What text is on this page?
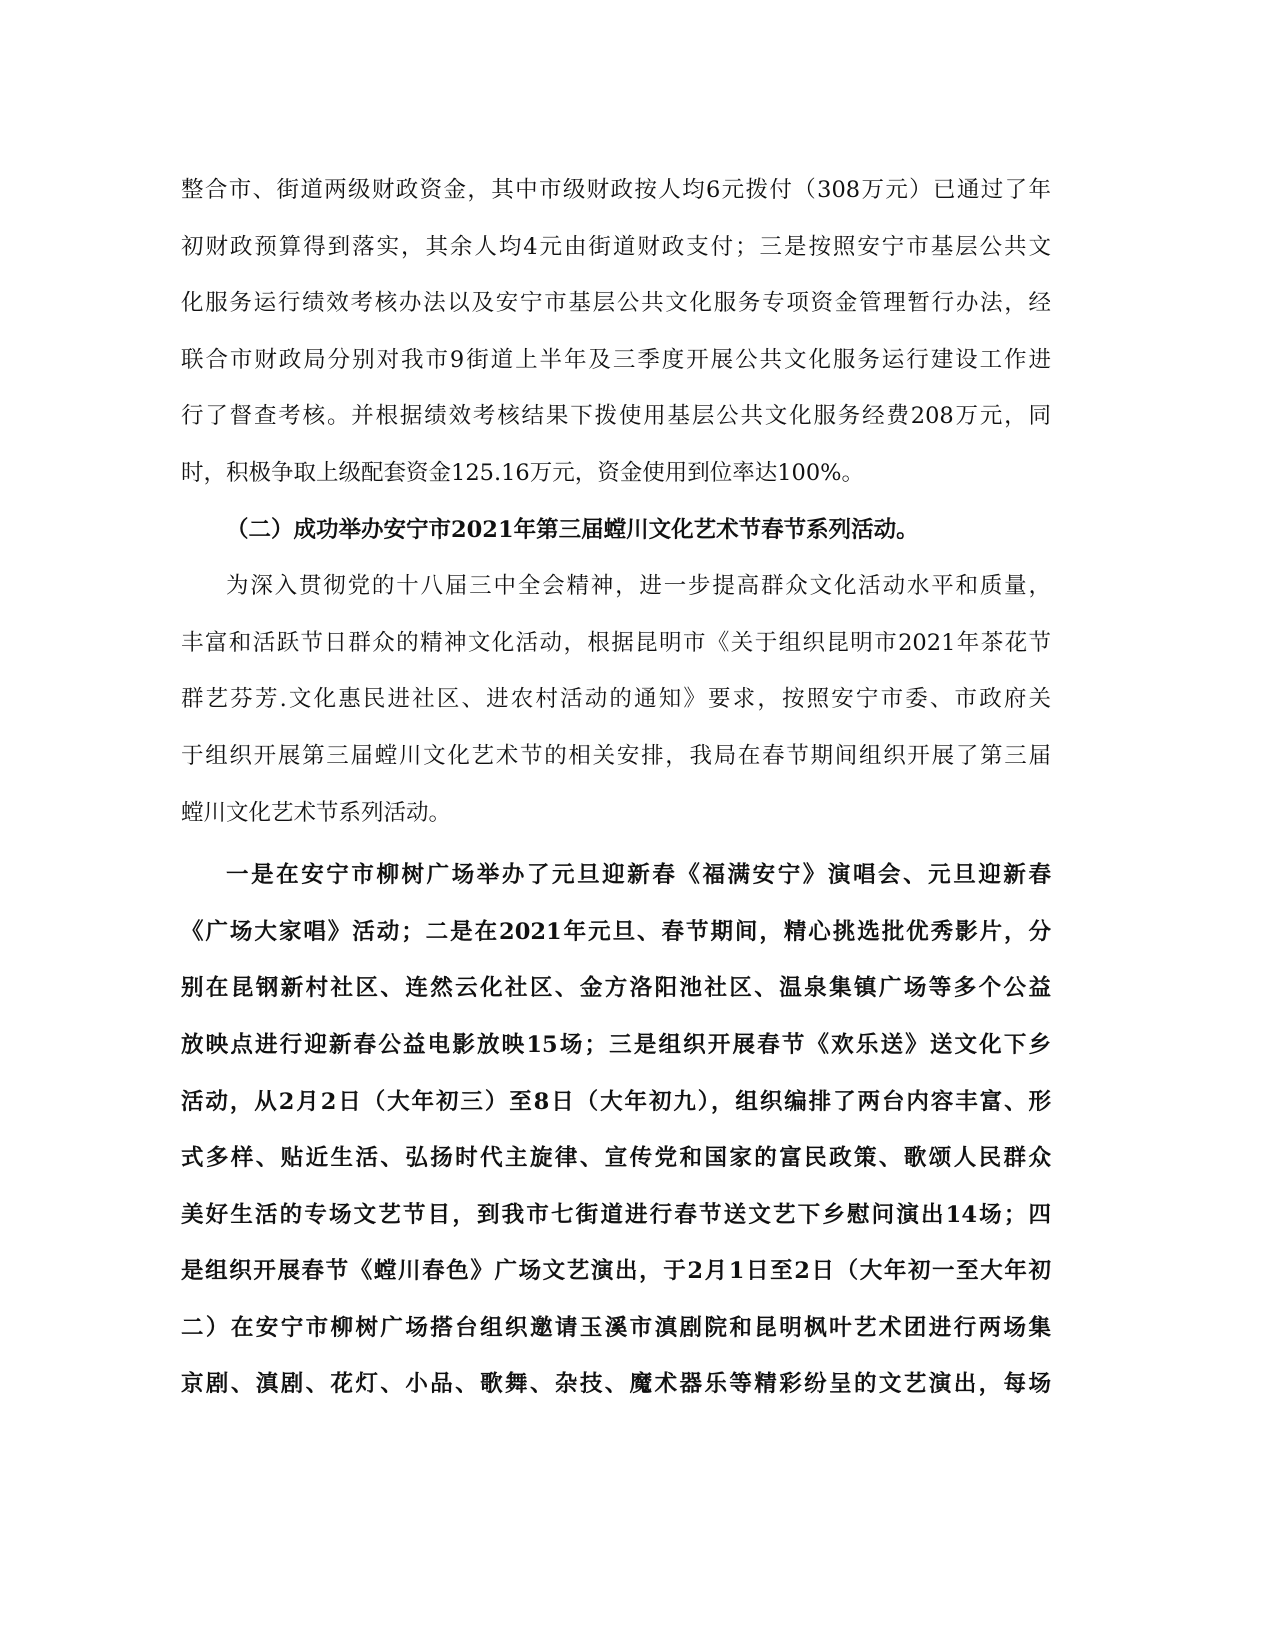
整合市、街道两级财政资金，其中市级财政按人均6元拨付（308万元）已通过了年
初财政预算得到落实，其余人均4元由街道财政支付；三是按照安宁市基层公共文
化服务运行绩效考核办法以及安宁市基层公共文化服务专项资金管理暂行办法，经
联合市财政局分别对我市9街道上半年及三季度开展公共文化服务运行建设工作进
行了督查考核。并根据绩效考核结果下拨使用基层公共文化服务经费208万元，同
时，积极争取上级配套资金125.16万元，资金使用到位率达100%。
（二）成功举办安宁市2021年第三届螳川文化艺术节春节系列活动。
为深入贯彻党的十八届三中全会精神，进一步提高群众文化活动水平和质量，
丰富和活跃节日群众的精神文化活动，根据昆明市《关于组织昆明市2021年茶花节
群艺芬芳.文化惠民进社区、进农村活动的通知》要求，按照安宁市委、市政府关
于组织开展第三届螳川文化艺术节的相关安排，我局在春节期间组织开展了第三届
螳川文化艺术节系列活动。
一是在安宁市柳树广场举办了元旦迎新春《福满安宁》演唱会、元旦迎新春
《广场大家唱》活动；二是在2021年元旦、春节期间，精心挑选批优秀影片，分
别在昆钢新村社区、连然云化社区、金方洛阳池社区、温泉集镇广场等多个公益
放映点进行迎新春公益电影放映15场；三是组织开展春节《欢乐送》送文化下乡
活动，从2月2日（大年初三）至8日（大年初九），组织编排了两台内容丰富、形
式多样、贴近生活、弘扬时代主旋律、宣传党和国家的富民政策、歌颂人民群众
美好生活的专场文艺节目，到我市七街道进行春节送文艺下乡慰问演出14场；四
是组织开展春节《螳川春色》广场文艺演出，于2月1日至2日（大年初一至大年初
二）在安宁市柳树广场搭台组织邀请玉溪市滇剧院和昆明枫叶艺术团进行两场集
京剧、滇剧、花灯、小品、歌舞、杂技、魔术器乐等精彩纷呈的文艺演出，每场
